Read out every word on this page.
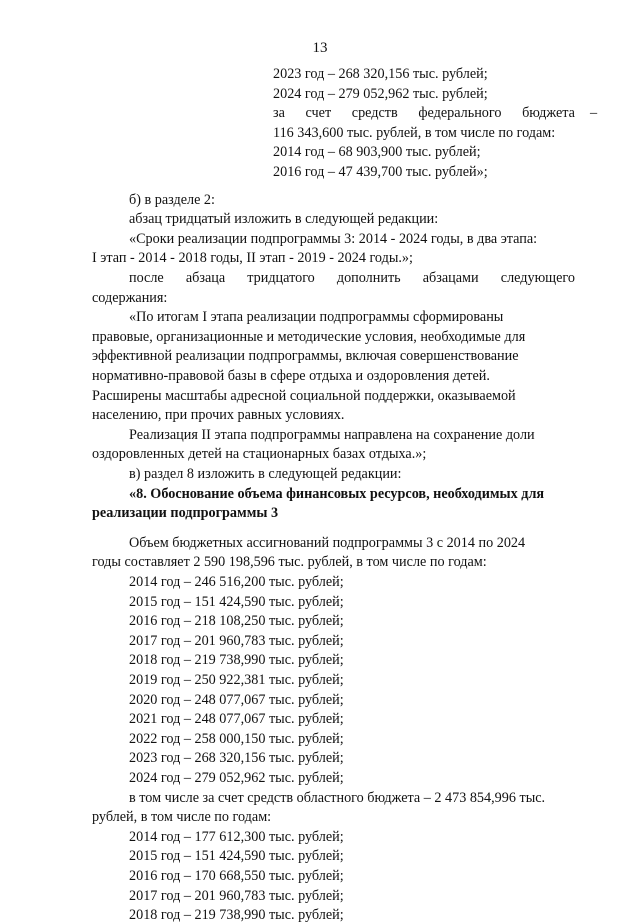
13
2023 год – 268 320,156 тыс. рублей;
2024 год – 279 052,962 тыс. рублей;
за счет средств федерального бюджета –
116 343,600 тыс. рублей, в том числе по годам:
2014 год – 68 903,900 тыс. рублей;
2016 год – 47 439,700 тыс. рублей»;
б) в разделе 2:
абзац тридцатый изложить в следующей редакции:
«Сроки реализации подпрограммы 3: 2014 - 2024 годы, в два этапа:
I этап - 2014 - 2018 годы, II этап - 2019 - 2024 годы.»;
после абзаца тридцатого дополнить абзацами следующего
содержания:
«По итогам I этапа реализации подпрограммы сформированы
правовые, организационные и методические условия, необходимые для
эффективной реализации подпрограммы, включая совершенствование
нормативно-правовой базы в сфере отдыха и оздоровления детей.
Расширены масштабы адресной социальной поддержки, оказываемой
населению, при прочих равных условиях.
Реализация II этапа подпрограммы направлена на сохранение доли
оздоровленных детей на стационарных базах отдыха.»;
в) раздел 8 изложить в следующей редакции:
«8. Обоснование объема финансовых ресурсов, необходимых для
реализации подпрограммы 3
Объем бюджетных ассигнований подпрограммы 3 с 2014 по 2024
годы составляет 2 590 198,596 тыс. рублей, в том числе по годам:
2014 год – 246 516,200 тыс. рублей;
2015 год – 151 424,590 тыс. рублей;
2016 год – 218 108,250 тыс. рублей;
2017 год – 201 960,783 тыс. рублей;
2018 год – 219 738,990 тыс. рублей;
2019 год – 250 922,381 тыс. рублей;
2020 год – 248 077,067 тыс. рублей;
2021 год – 248 077,067 тыс. рублей;
2022 год – 258 000,150 тыс. рублей;
2023 год – 268 320,156 тыс. рублей;
2024 год – 279 052,962 тыс. рублей;
в том числе за счет средств областного бюджета – 2 473 854,996 тыс.
рублей, в том числе по годам:
2014 год – 177 612,300 тыс. рублей;
2015 год – 151 424,590 тыс. рублей;
2016 год – 170 668,550 тыс. рублей;
2017 год – 201 960,783 тыс. рублей;
2018 год – 219 738,990 тыс. рублей;
